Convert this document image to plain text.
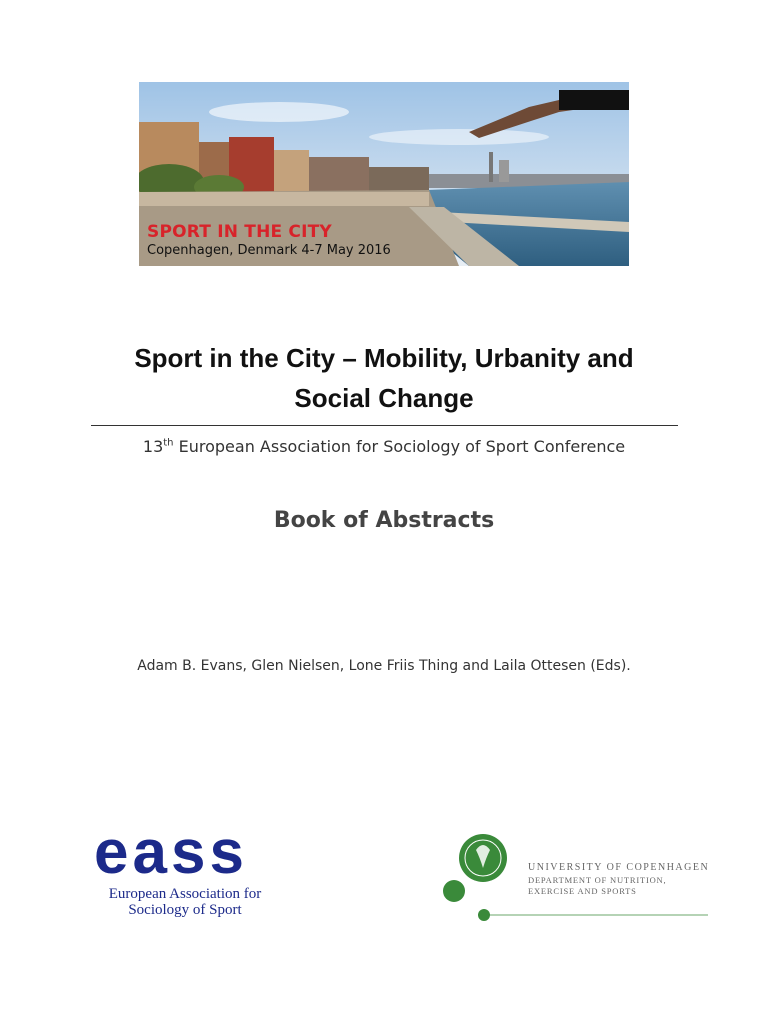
SPORT IN THE CITY
Copenhagen, Denmark 4-7 May 2016
Sport in the City – Mobility, Urbanity and
Social Change
13th European Association for Sociology of Sport Conference
Book of Abstracts
Adam B. Evans, Glen Nielsen, Lone Friis Thing and Laila Ottesen (Eds).
eass
European Association for
Sociology of Sport
UNIVERSITY OF COPENHAGEN
DEPARTMENT OF NUTRITION,
EXERCISE AND SPORTS
